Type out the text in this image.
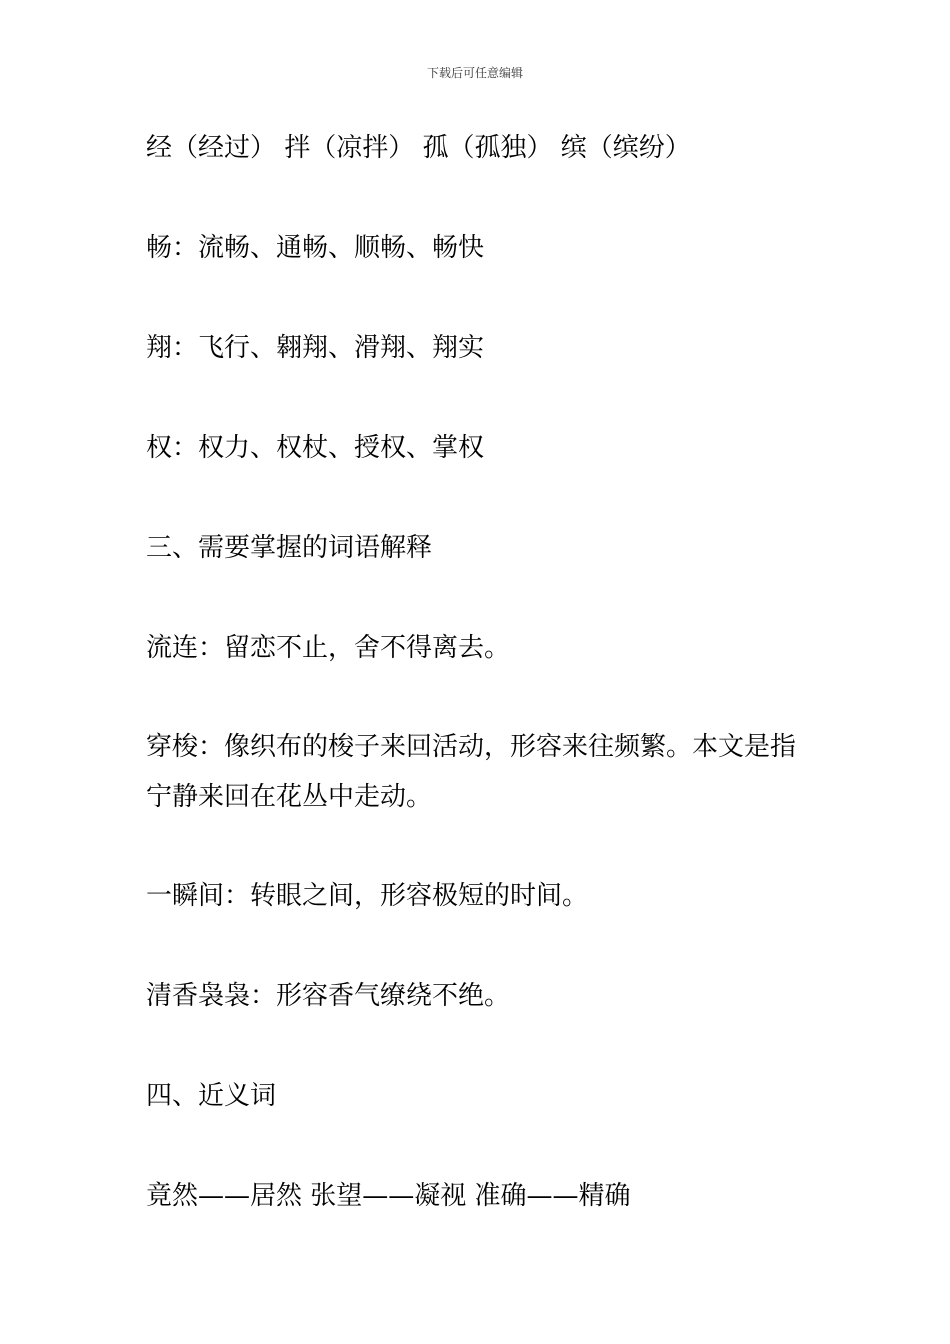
下载后可任意编辑
经（经过） 拌（凉拌） 孤（孤独） 缤（缤纷）
畅：流畅、通畅、顺畅、畅快
翔：飞行、翱翔、滑翔、翔实
权：权力、权杖、授权、掌权
三、需要掌握的词语解释
流连：留恋不止，舍不得离去。
穿梭：像织布的梭子来回活动，形容来往频繁。本文是指
宁静来回在花丛中走动。
一瞬间：转眼之间，形容极短的时间。
清香袅袅：形容香气缭绕不绝。
四、近义词
竟然——居然 张望——凝视 准确——精确
